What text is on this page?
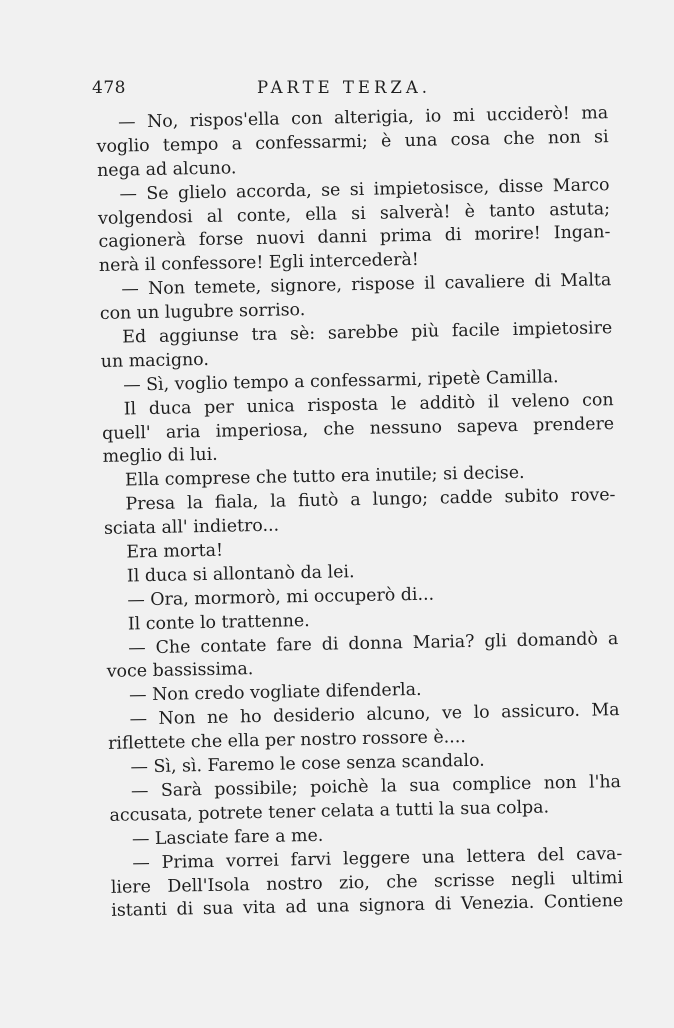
478	PARTE TERZA.
— No, rispos'ella con alterigia, io mi ucciderò! ma
voglio tempo a confessarmi; è una cosa che non si
nega ad alcuno.
— Se glielo accorda, se si impietosisce, disse Marco
volgendosi al conte, ella si salverà! è tanto astuta;
cagionerà forse nuovi danni prima di morire! Ingan-
nerà il confessore! Egli intercederà!
— Non temete, signore, rispose il cavaliere di Malta
con un lugubre sorriso.
Ed aggiunse tra sè: sarebbe più facile impietosire
un macigno.
— Sì, voglio tempo a confessarmi, ripetè Camilla.
Il duca per unica risposta le additò il veleno con
quell' aria imperiosa, che nessuno sapeva prendere
meglio di lui.
Ella comprese che tutto era inutile; si decise.
Presa la fiala, la fiutò a lungo; cadde subito rove-
sciata all' indietro...
Era morta!
Il duca si allontanò da lei.
— Ora, mormorò, mi occuperò di...
Il conte lo trattenne.
— Che contate fare di donna Maria? gli domandò a
voce bassissima.
— Non credo vogliate difenderla.
— Non ne ho desiderio alcuno, ve lo assicuro. Ma
riflettete che ella per nostro rossore è....
— Sì, sì. Faremo le cose senza scandalo.
— Sarà possibile; poichè la sua complice non l'ha
accusata, potrete tener celata a tutti la sua colpa.
— Lasciate fare a me.
— Prima vorrei farvi leggere una lettera del cava-
liere Dell'Isola nostro zio, che scrisse negli ultimi
istanti di sua vita ad una signora di Venezia. Contiene
